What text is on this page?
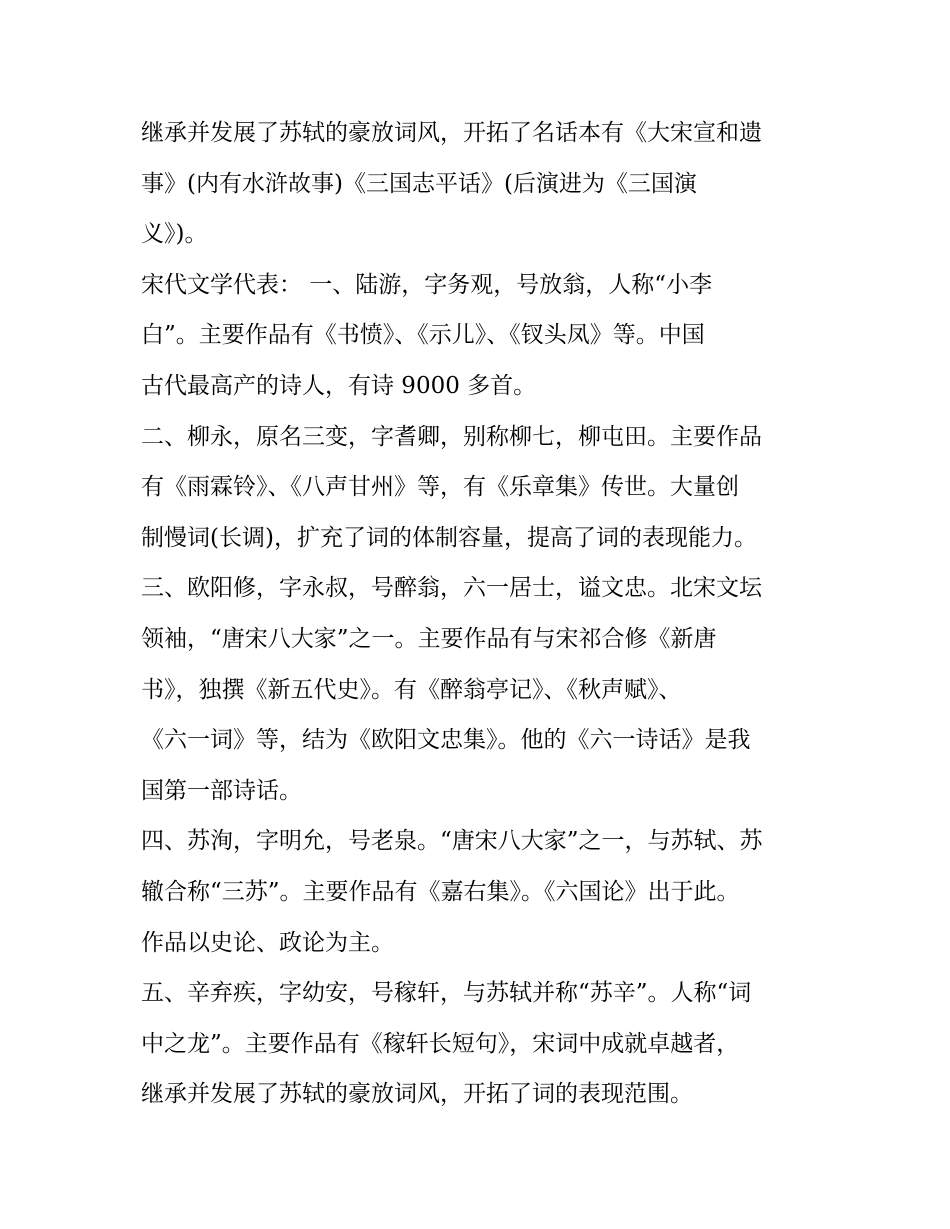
继承并发展了苏轼的豪放词风，开拓了名话本有《大宋宣和遗
事》(内有水浒故事)《三国志平话》(后演进为《三国演
义》)。
宋代文学代表： 一、陆游，字务观，号放翁，人称“小李
白”。主要作品有《书愤》、《示儿》、《钗头凤》等。中国
古代最高产的诗人，有诗 9000 多首。
二、柳永，原名三变，字耆卿，别称柳七，柳屯田。主要作品
有《雨霖铃》、《八声甘州》等，有《乐章集》传世。大量创
制慢词(长调)，扩充了词的体制容量，提高了词的表现能力。
三、欧阳修，字永叔，号醉翁，六一居士，谥文忠。北宋文坛
领袖，“唐宋八大家”之一。主要作品有与宋祁合修《新唐
书》，独撰《新五代史》。有《醉翁亭记》、《秋声赋》、
《六一词》等，结为《欧阳文忠集》。他的《六一诗话》是我
国第一部诗话。
四、苏洵，字明允，号老泉。“唐宋八大家”之一，与苏轼、苏
辙合称“三苏”。主要作品有《嘉右集》。《六国论》出于此。
作品以史论、政论为主。
五、辛弃疾，字幼安，号稼轩，与苏轼并称“苏辛”。人称“词
中之龙”。主要作品有《稼轩长短句》，宋词中成就卓越者，
继承并发展了苏轼的豪放词风，开拓了词的表现范围。
